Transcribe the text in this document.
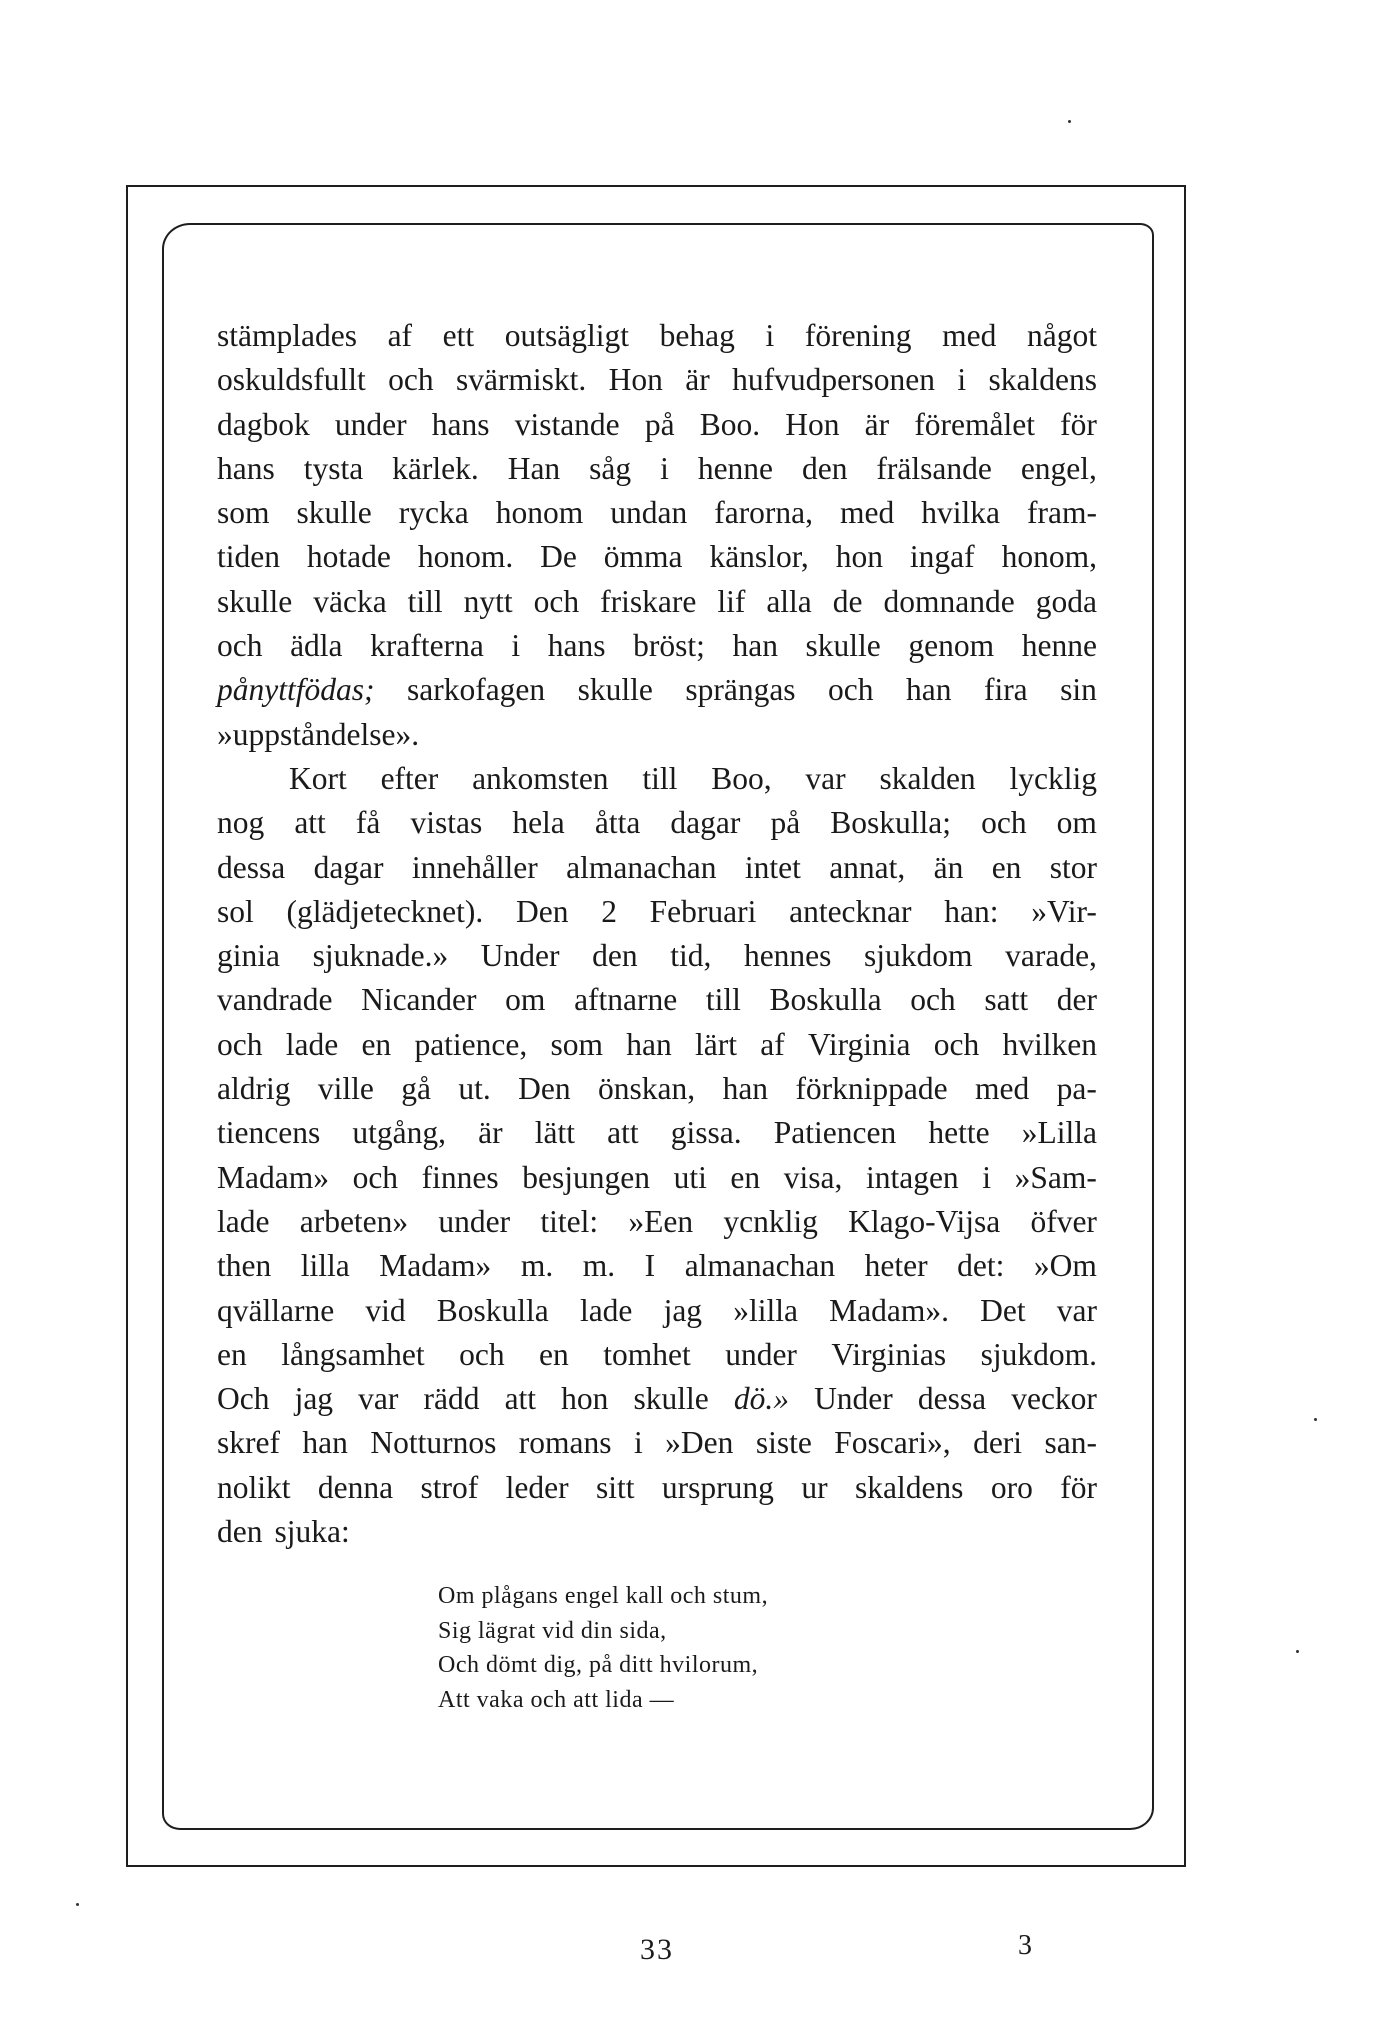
stämplades af ett outsägligt behag i förening med något
oskuldsfullt och svärmiskt. Hon är hufvudpersonen i skaldens
dagbok under hans vistande på Boo. Hon är föremålet för
hans tysta kärlek. Han såg i henne den frälsande engel,
som skulle rycka honom undan farorna, med hvilka fram-
tiden hotade honom. De ömma känslor, hon ingaf honom,
skulle väcka till nytt och friskare lif alla de domnande goda
och ädla krafterna i hans bröst; han skulle genom henne
pånyttfödas; sarkofagen skulle sprängas och han fira sin
»uppståndelse».
Kort efter ankomsten till Boo, var skalden lycklig
nog att få vistas hela åtta dagar på Boskulla; och om
dessa dagar innehåller almanachan intet annat, än en stor
sol (glädjetecknet). Den 2 Februari antecknar han: »Vir-
ginia sjuknade.» Under den tid, hennes sjukdom varade,
vandrade Nicander om aftnarne till Boskulla och satt der
och lade en patience, som han lärt af Virginia och hvilken
aldrig ville gå ut. Den önskan, han förknippade med pa-
tiencens utgång, är lätt att gissa. Patiencen hette »Lilla
Madam» och finnes besjungen uti en visa, intagen i »Sam-
lade arbeten» under titel: »Een ycnklig Klago-Vijsa öfver
then lilla Madam» m. m. I almanachan heter det: »Om
qvällarne vid Boskulla lade jag »lilla Madam». Det var
en långsamhet och en tomhet under Virginias sjukdom.
Och jag var rädd att hon skulle dö.» Under dessa veckor
skref han Notturnos romans i »Den siste Foscari», deri san-
nolikt denna strof leder sitt ursprung ur skaldens oro för
den sjuka:
Om plågans engel kall och stum,
Sig lägrat vid din sida,
Och dömt dig, på ditt hvilorum,
Att vaka och att lida —
33	3
